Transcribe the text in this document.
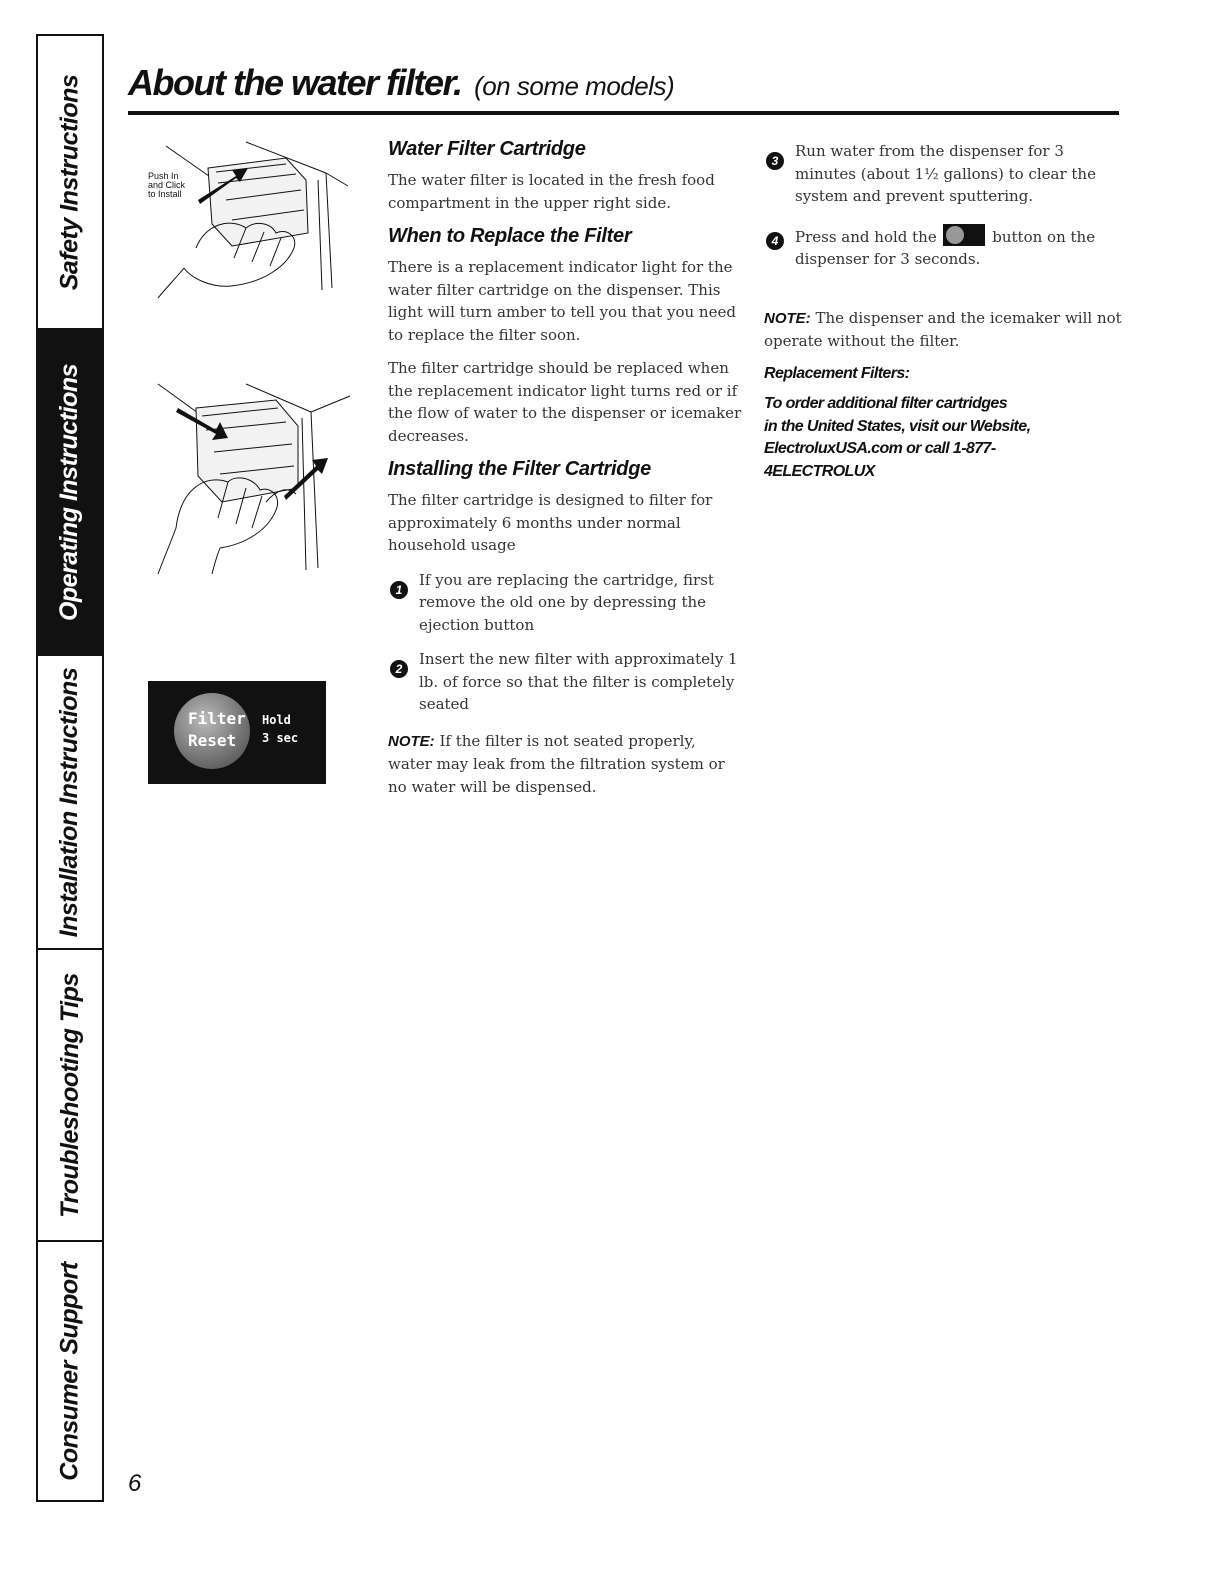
Safety Instructions
Operating Instructions
Installation Instructions
Troubleshooting Tips
Consumer Support
About the water filter. (on some models)
Push In
and Click
to Install
Filter
Reset
Hold
3 sec
Water Filter Cartridge

The water filter is located in the fresh food compartment in the upper right side.

When to Replace the Filter

There is a replacement indicator light for the water filter cartridge on the dispenser. This light will turn amber to tell you that you need to replace the filter soon.

The filter cartridge should be replaced when the replacement indicator light turns red or if the flow of water to the dispenser or icemaker decreases.

Installing the Filter Cartridge

The filter cartridge is designed to filter for approximately 6 months under normal household usage

1

If you are replacing the cartridge, first remove the old one by depressing the ejection button

2

Insert the new filter with approximately 1 lb. of force so that the filter is completely seated

NOTE: If the filter is not seated properly, water may leak from the filtration system or no water will be dispensed.

3

Run water from the dispenser for 3 minutes (about 1½ gallons) to clear the system and prevent sputtering.

4	Press and hold the	button on the dispenser for 3 seconds.

NOTE: The dispenser and the icemaker will not operate without the filter.

Replacement Filters:

To order additional filter cartridges

in the United States, visit our Website,

ElectroluxUSA.com or call 1-877-

4ELECTROLUX

6
